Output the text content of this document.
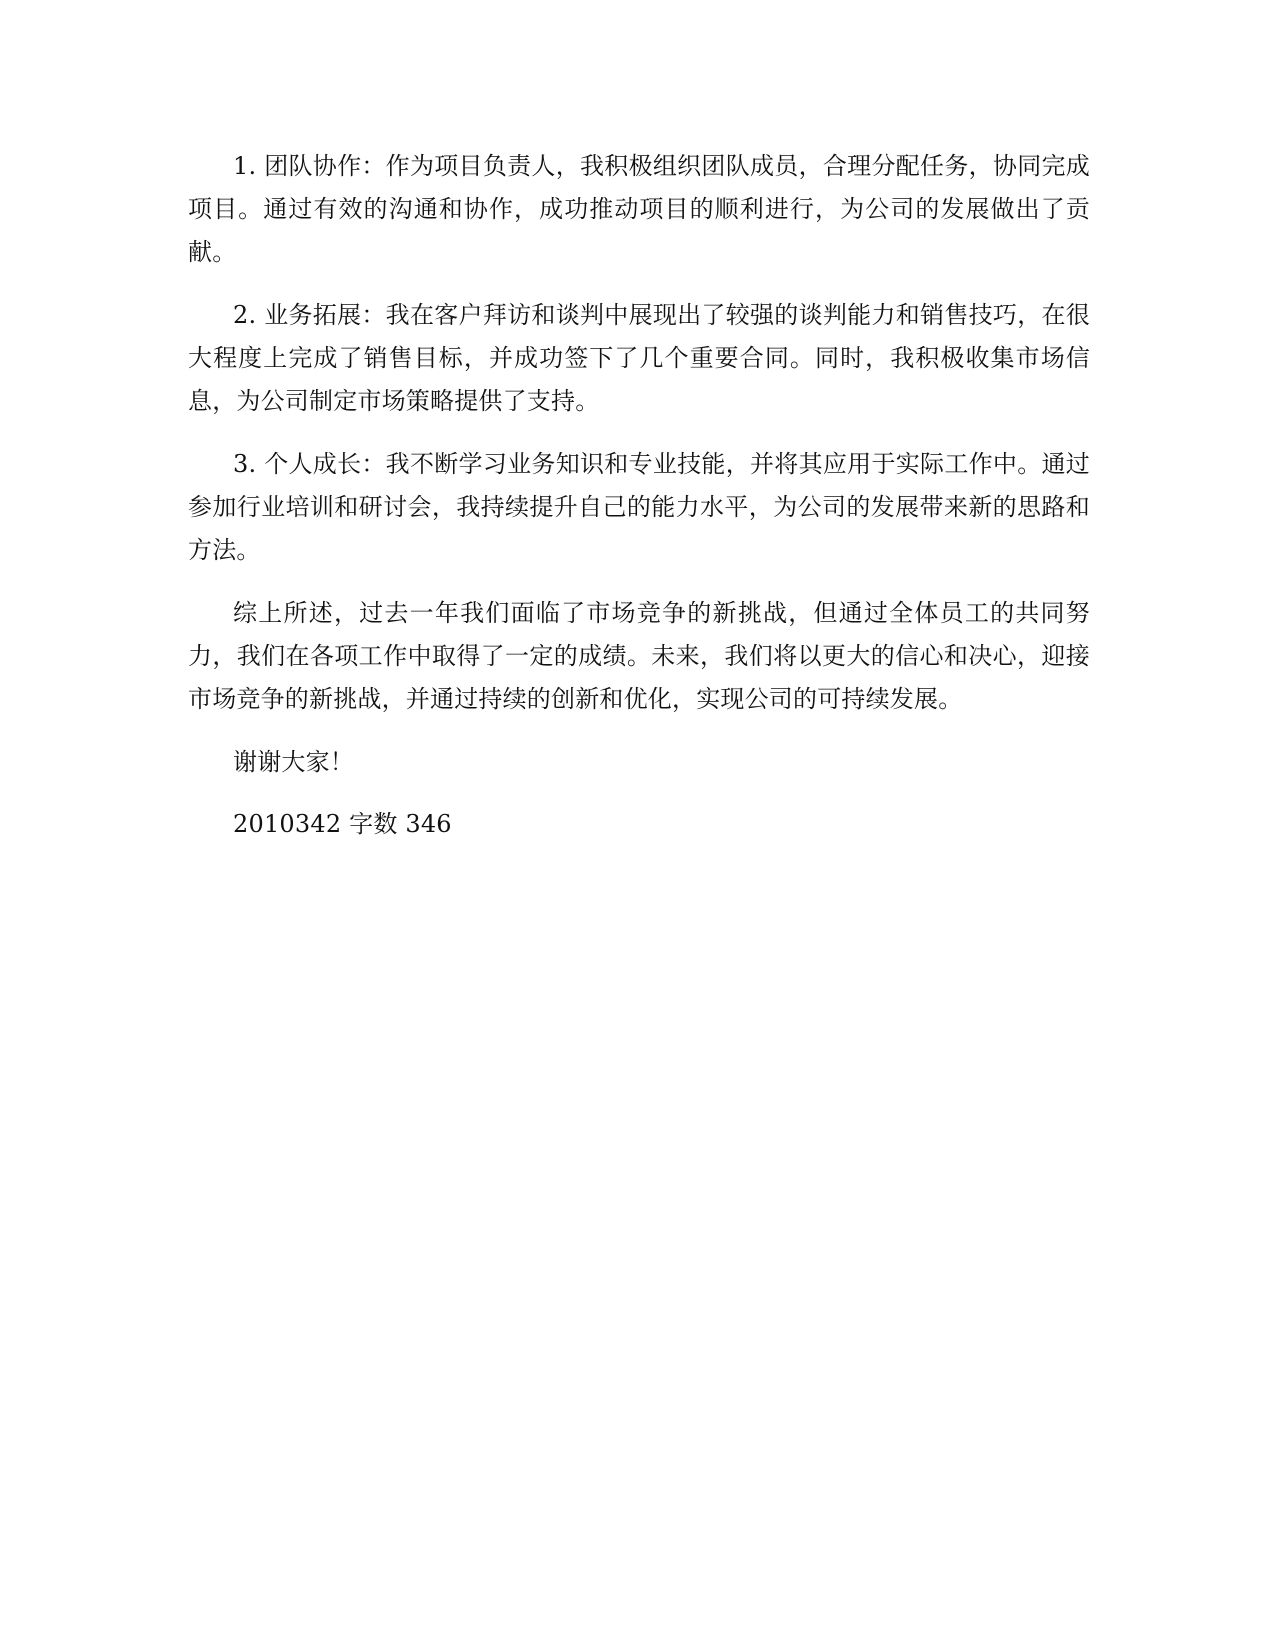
1. 团队协作：作为项目负责人，我积极组织团队成员，合理分配任务，协同完成项目。通过有效的沟通和协作，成功推动项目的顺利进行，为公司的发展做出了贡献。

2. 业务拓展：我在客户拜访和谈判中展现出了较强的谈判能力和销售技巧，在很大程度上完成了销售目标，并成功签下了几个重要合同。同时，我积极收集市场信息，为公司制定市场策略提供了支持。

3. 个人成长：我不断学习业务知识和专业技能，并将其应用于实际工作中。通过参加行业培训和研讨会，我持续提升自己的能力水平，为公司的发展带来新的思路和方法。

综上所述，过去一年我们面临了市场竞争的新挑战，但通过全体员工的共同努力，我们在各项工作中取得了一定的成绩。未来，我们将以更大的信心和决心，迎接市场竞争的新挑战，并通过持续的创新和优化，实现公司的可持续发展。

谢谢大家！

2010342 字数 346
